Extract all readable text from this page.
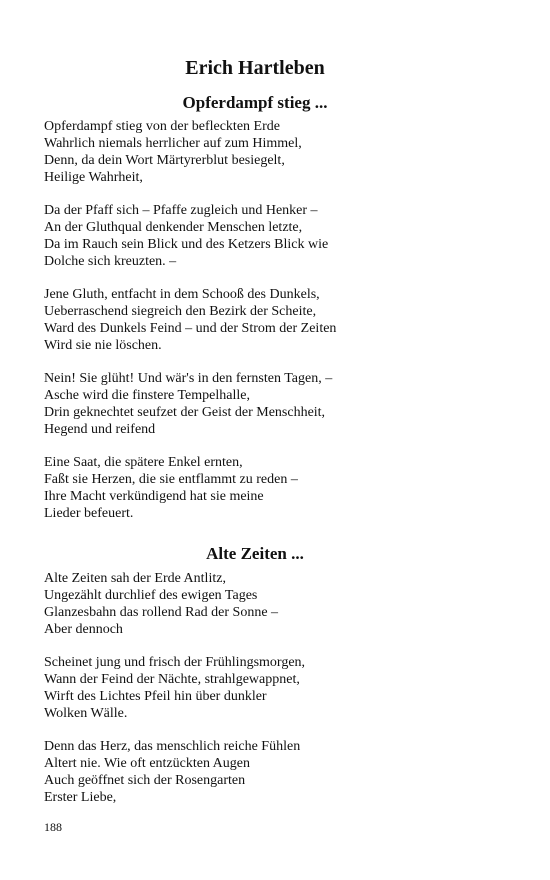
Erich Hartleben
Opferdampf stieg ...

Opferdampf stieg von der befleckten Erde
Wahrlich niemals herrlicher auf zum Himmel,
Denn, da dein Wort Märtyrerblut besiegelt,
Heilige Wahrheit,

Da der Pfaff sich – Pfaffe zugleich und Henker –
An der Gluthqual denkender Menschen letzte,
Da im Rauch sein Blick und des Ketzers Blick wie
Dolche sich kreuzten. –

Jene Gluth, entfacht in dem Schooß des Dunkels,
Ueberraschend siegreich den Bezirk der Scheite,
Ward des Dunkels Feind – und der Strom der Zeiten
Wird sie nie löschen.

Nein! Sie glüht! Und wär's in den fernsten Tagen, –
Asche wird die finstere Tempelhalle,
Drin geknechtet seufzet der Geist der Menschheit,
Hegend und reifend

Eine Saat, die spätere Enkel ernten,
Faßt sie Herzen, die sie entflammt zu reden –
Ihre Macht verkündigend hat sie meine
Lieder befeuert.

Alte Zeiten ...

Alte Zeiten sah der Erde Antlitz,
Ungezählt durchlief des ewigen Tages
Glanzesbahn das rollend Rad der Sonne –
Aber dennoch

Scheinet jung und frisch der Frühlingsmorgen,
Wann der Feind der Nächte, strahlgewappnet,
Wirft des Lichtes Pfeil hin über dunkler
Wolken Wälle.

Denn das Herz, das menschlich reiche Fühlen
Altert nie. Wie oft entzückten Augen
Auch geöffnet sich der Rosengarten
Erster Liebe,

188
